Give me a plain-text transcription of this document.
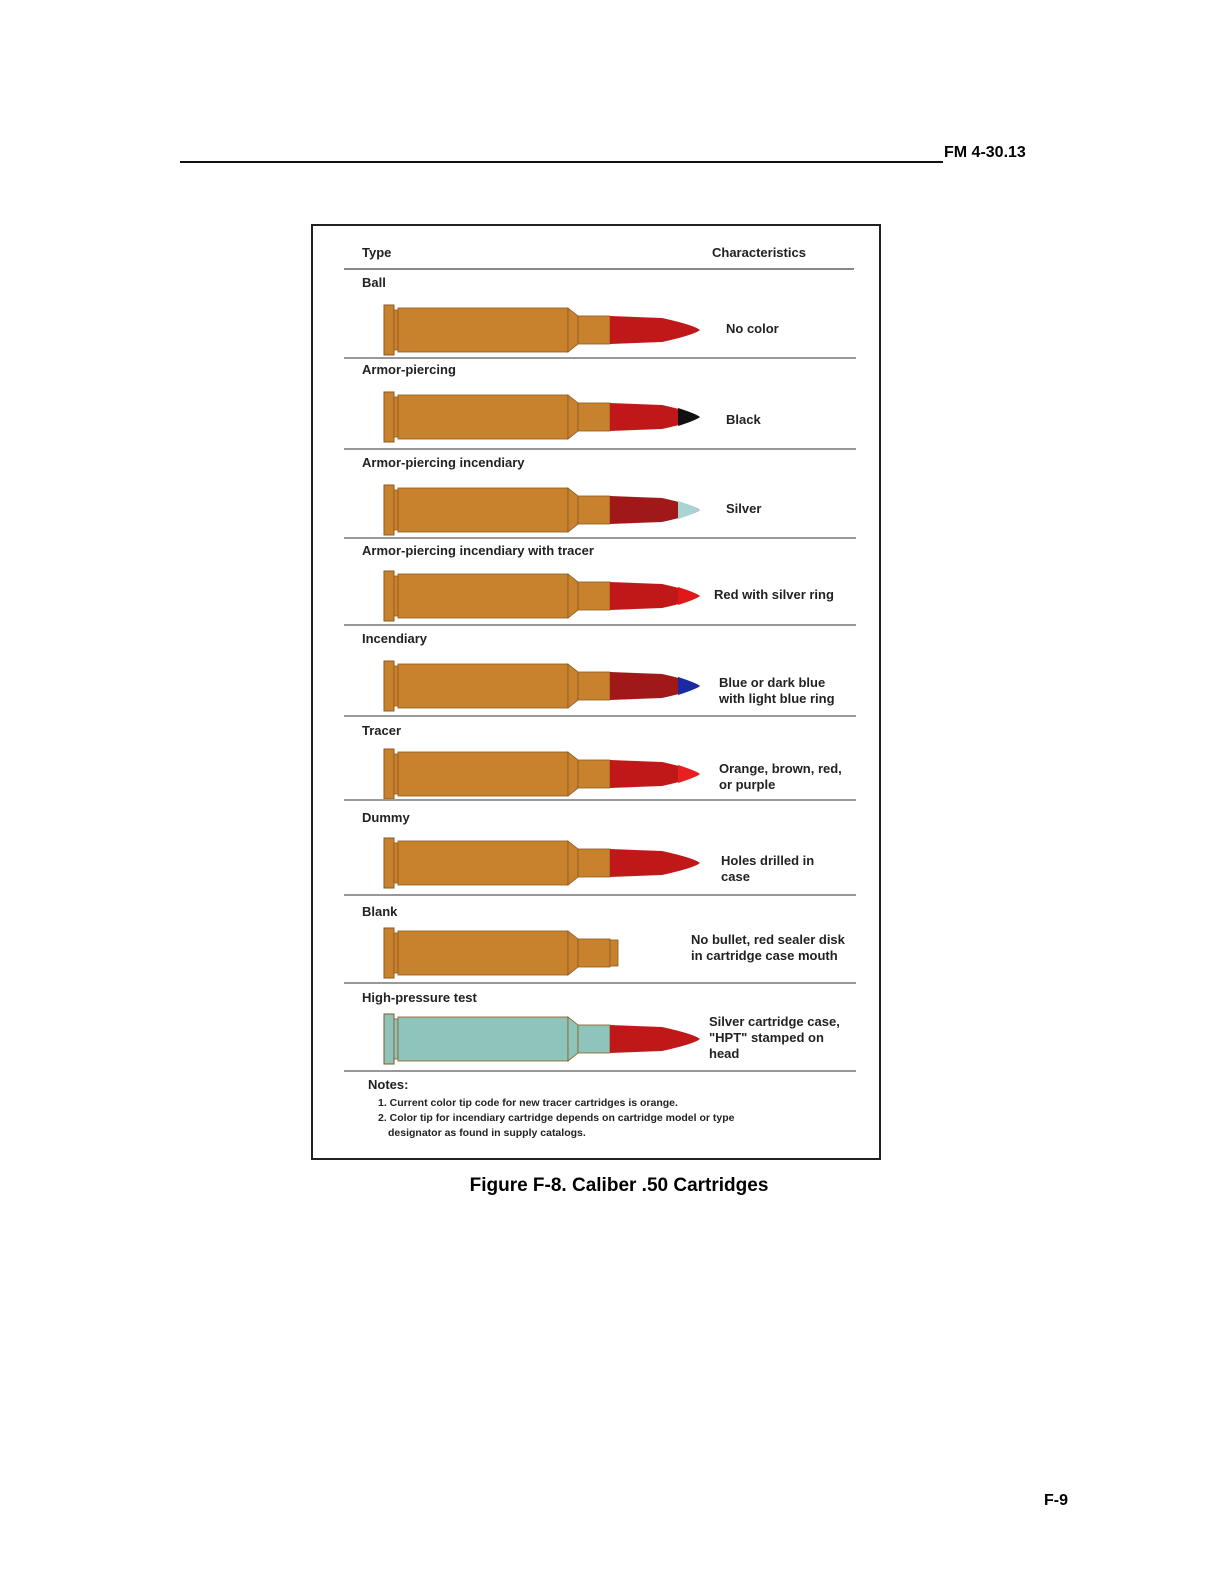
FM 4-30.13
Type	Characteristics
Ball
No color
Armor-piercing
Black
Armor-piercing incendiary
Silver
Armor-piercing incendiary with tracer
Red with silver ring
Incendiary
Blue or dark blue
with light blue ring
Tracer
Orange, brown, red,
or purple
Dummy
Holes drilled in
case
Blank
No bullet, red sealer disk
in cartridge case mouth
High-pressure test
Silver cartridge case,
"HPT" stamped on
head
Notes:
1. Current color tip code for new tracer cartridges is orange.
2. Color tip for incendiary cartridge depends on cartridge model or type
designator as found in supply catalogs.
Figure F-8. Caliber .50 Cartridges
F-9
